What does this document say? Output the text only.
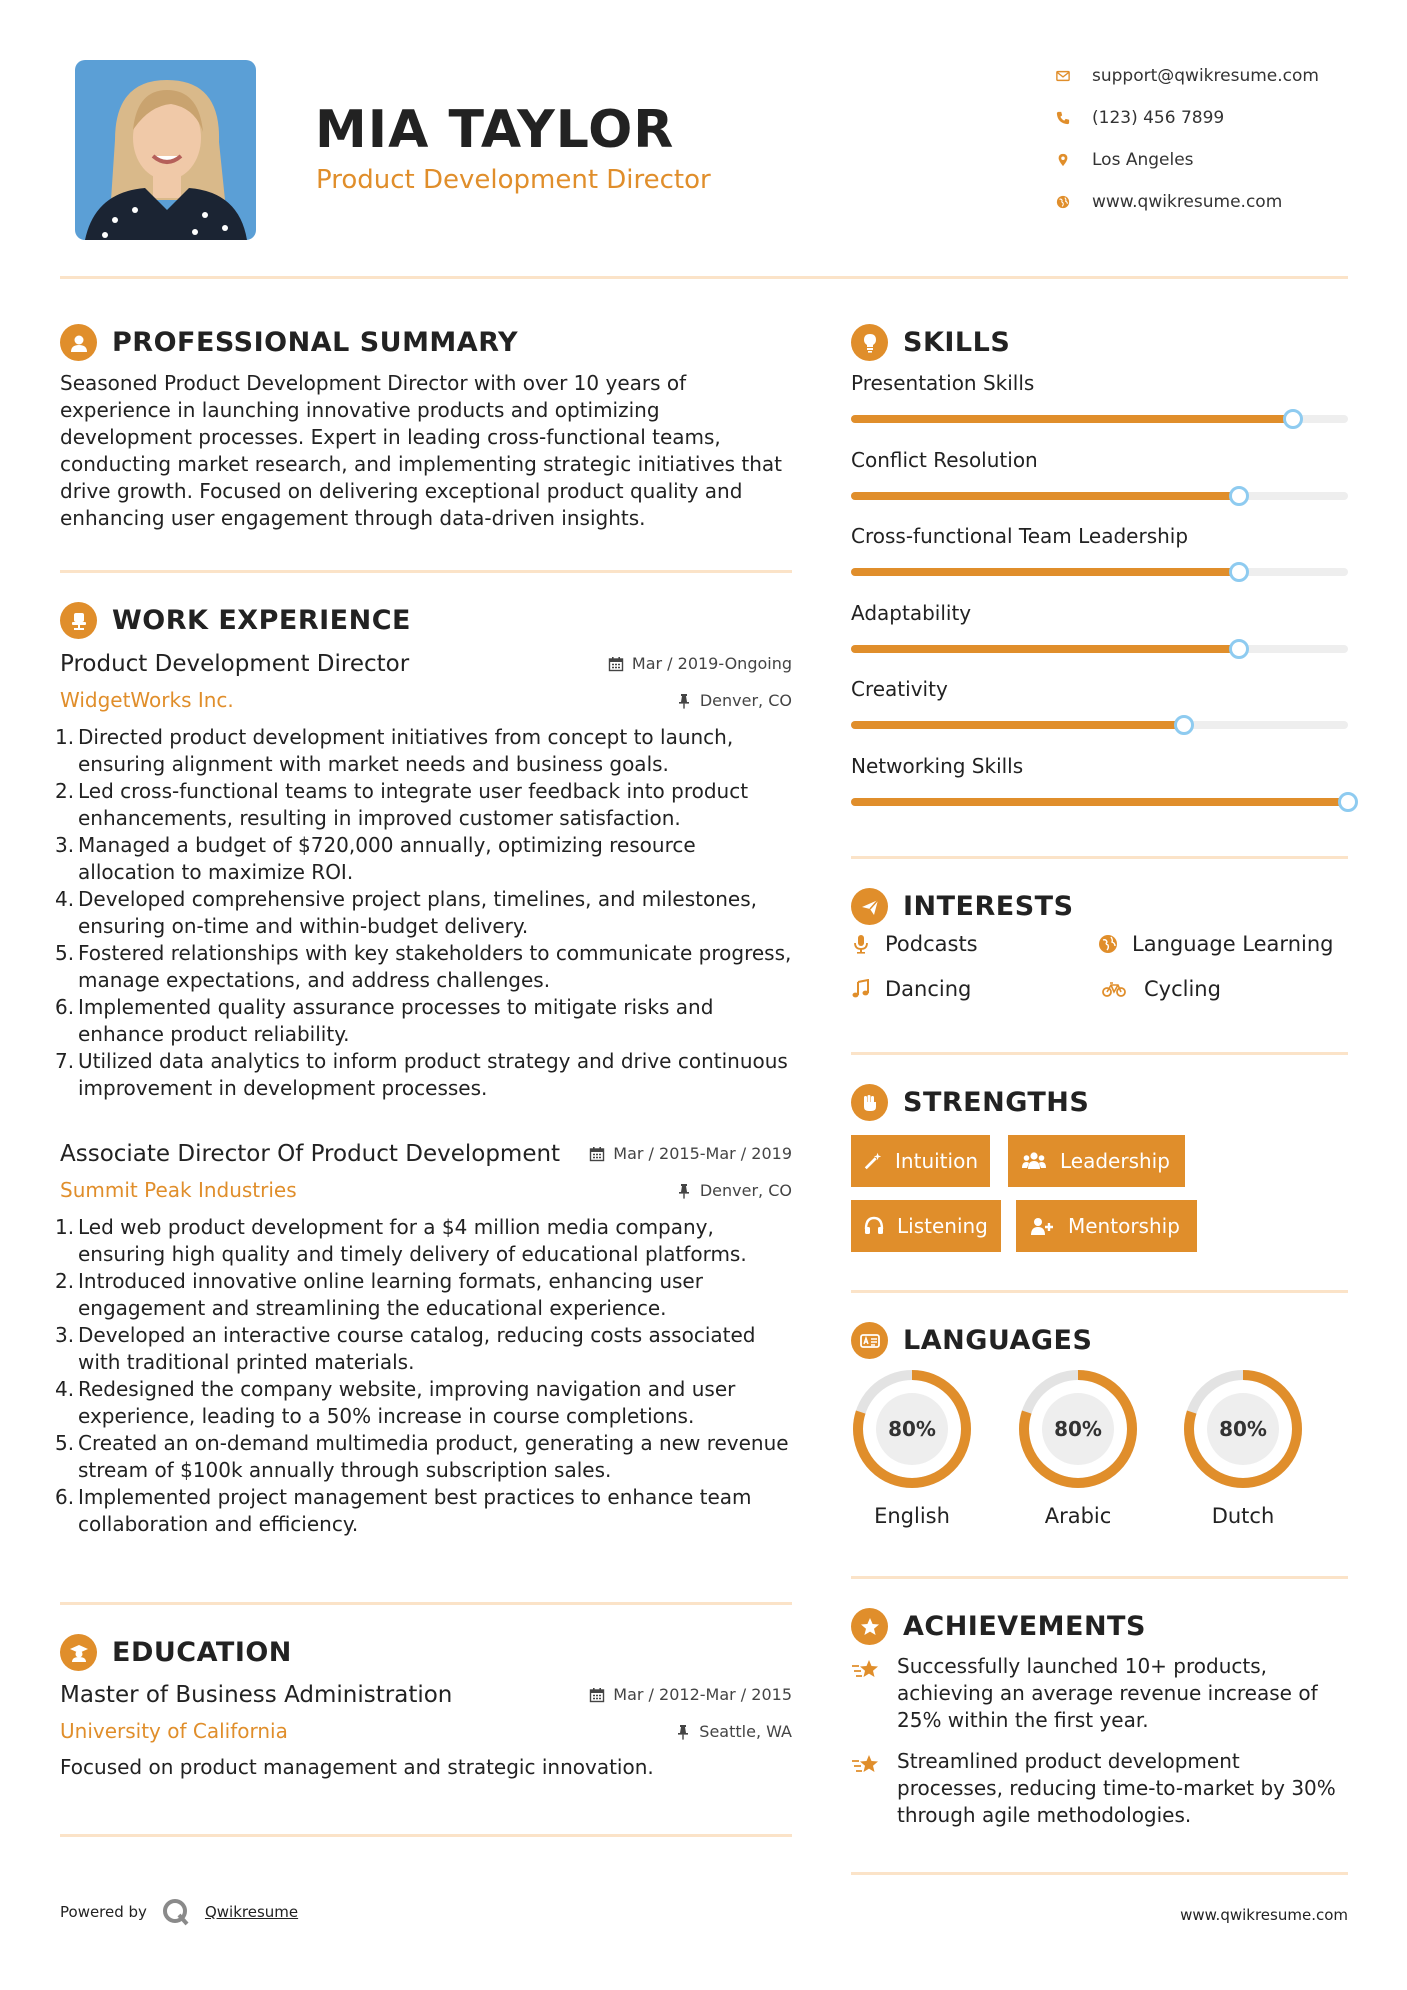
MIA TAYLOR
Product Development Director
support@qwikresume.com
(123) 456 7899
Los Angeles
www.qwikresume.com
PROFESSIONAL SUMMARY
Seasoned Product Development Director with over 10 years of experience in launching innovative products and optimizing development processes. Expert in leading cross-functional teams, conducting market research, and implementing strategic initiatives that drive growth. Focused on delivering exceptional product quality and enhancing user engagement through data-driven insights.
WORK EXPERIENCE
Product Development Director	Mar / 2019-Ongoing
WidgetWorks Inc.	Denver, CO
1. Directed product development initiatives from concept to launch, ensuring alignment with market needs and business goals.
2. Led cross-functional teams to integrate user feedback into product enhancements, resulting in improved customer satisfaction.
3. Managed a budget of $720,000 annually, optimizing resource allocation to maximize ROI.
4. Developed comprehensive project plans, timelines, and milestones, ensuring on-time and within-budget delivery.
5. Fostered relationships with key stakeholders to communicate progress, manage expectations, and address challenges.
6. Implemented quality assurance processes to mitigate risks and enhance product reliability.
7. Utilized data analytics to inform product strategy and drive continuous improvement in development processes.
Associate Director Of Product Development	Mar / 2015-Mar / 2019
Summit Peak Industries	Denver, CO
1. Led web product development for a $4 million media company, ensuring high quality and timely delivery of educational platforms.
2. Introduced innovative online learning formats, enhancing user engagement and streamlining the educational experience.
3. Developed an interactive course catalog, reducing costs associated with traditional printed materials.
4. Redesigned the company website, improving navigation and user experience, leading to a 50% increase in course completions.
5. Created an on-demand multimedia product, generating a new revenue stream of $100k annually through subscription sales.
6. Implemented project management best practices to enhance team collaboration and efficiency.
EDUCATION
Master of Business Administration	Mar / 2012-Mar / 2015
University of California	Seattle, WA
Focused on product management and strategic innovation.
SKILLS
Presentation Skills
Conflict Resolution
Cross-functional Team Leadership
Adaptability
Creativity
Networking Skills
INTERESTS
Podcasts	Language Learning
Dancing	Cycling
STRENGTHS
Intuition	Leadership
Listening	Mentorship
LANGUAGES
80%
English
80%
Arabic
80%
Dutch
ACHIEVEMENTS
Successfully launched 10+ products, achieving an average revenue increase of 25% within the first year.
Streamlined product development processes, reducing time-to-market by 30% through agile methodologies.
Powered by	Qwikresume	www.qwikresume.com
